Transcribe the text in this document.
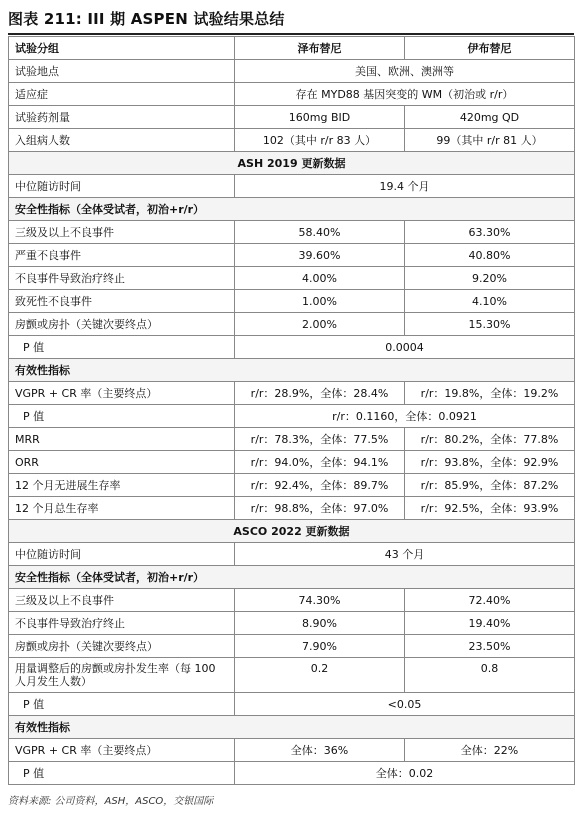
图表 211: III 期 ASPEN 试验结果总结
试验分组	泽布替尼	伊布替尼
试验地点	美国、欧洲、澳洲等	
适应症	存在 MYD88 基因突变的 WM（初治或 r/r）	
试验药剂量	160mg BID	420mg QD
入组病人数	102（其中 r/r 83 人）	99（其中 r/r 81 人）
ASH 2019 更新数据		
中位随访时间	19.4 个月	
安全性指标（全体受试者，初治+r/r）		
三级及以上不良事件	58.40%	63.30%
严重不良事件	39.60%	40.80%
不良事件导致治疗终止	4.00%	9.20%
致死性不良事件	1.00%	4.10%
房颤或房扑（关键次要终点）	2.00%	15.30%
P 值	0.0004	
有效性指标		
VGPR + CR 率（主要终点）	r/r：28.9%，全体：28.4%	r/r：19.8%，全体：19.2%
P 值	r/r：0.1160，全体：0.0921	
MRR	r/r：78.3%，全体：77.5%	r/r：80.2%，全体：77.8%
ORR	r/r：94.0%，全体：94.1%	r/r：93.8%，全体：92.9%
12 个月无进展生存率	r/r：92.4%，全体：89.7%	r/r：85.9%，全体：87.2%
12 个月总生存率	r/r：98.8%，全体：97.0%	r/r：92.5%，全体：93.9%
ASCO 2022 更新数据		
中位随访时间	43 个月	
安全性指标（全体受试者，初治+r/r）		
三级及以上不良事件	74.30%	72.40%
不良事件导致治疗终止	8.90%	19.40%
房颤或房扑（关键次要终点）	7.90%	23.50%
用量调整后的房颤或房扑发生率（每 100 人月发生人数）	0.2	0.8
P 值	<0.05	
有效性指标		
VGPR + CR 率（主要终点）	全体：36%	全体：22%
P 值	全体：0.02	
资料来源: 公司资料，ASH，ASCO，交银国际
